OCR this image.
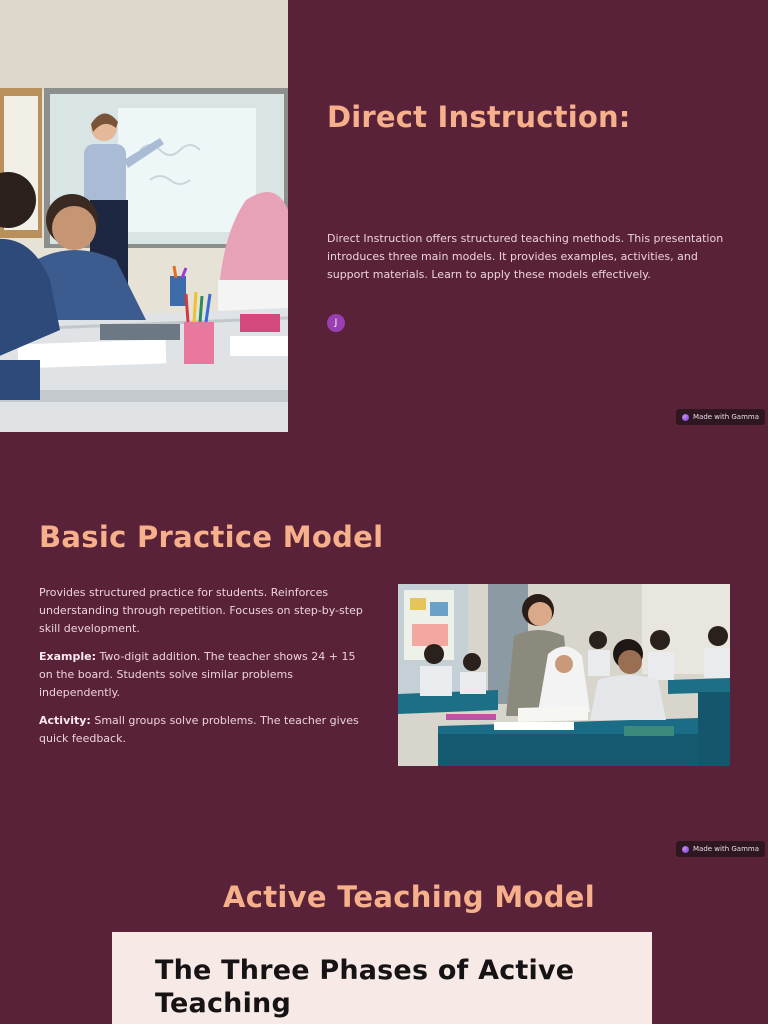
Direct Instruction:

Direct Instruction offers structured teaching methods. This presentation introduces three main models. It provides examples, activities, and support materials. Learn to apply these models effectively.

J
Made with Gamma
Basic Practice Model

Provides structured practice for students. Reinforces understanding through repetition. Focuses on step-by-step skill development.

Example: Two-digit addition. The teacher shows 24 + 15 on the board. Students solve similar problems independently.

Activity: Small groups solve problems. The teacher gives quick feedback.

Made with Gamma
Active Teaching Model
The Three Phases of Active Teaching
